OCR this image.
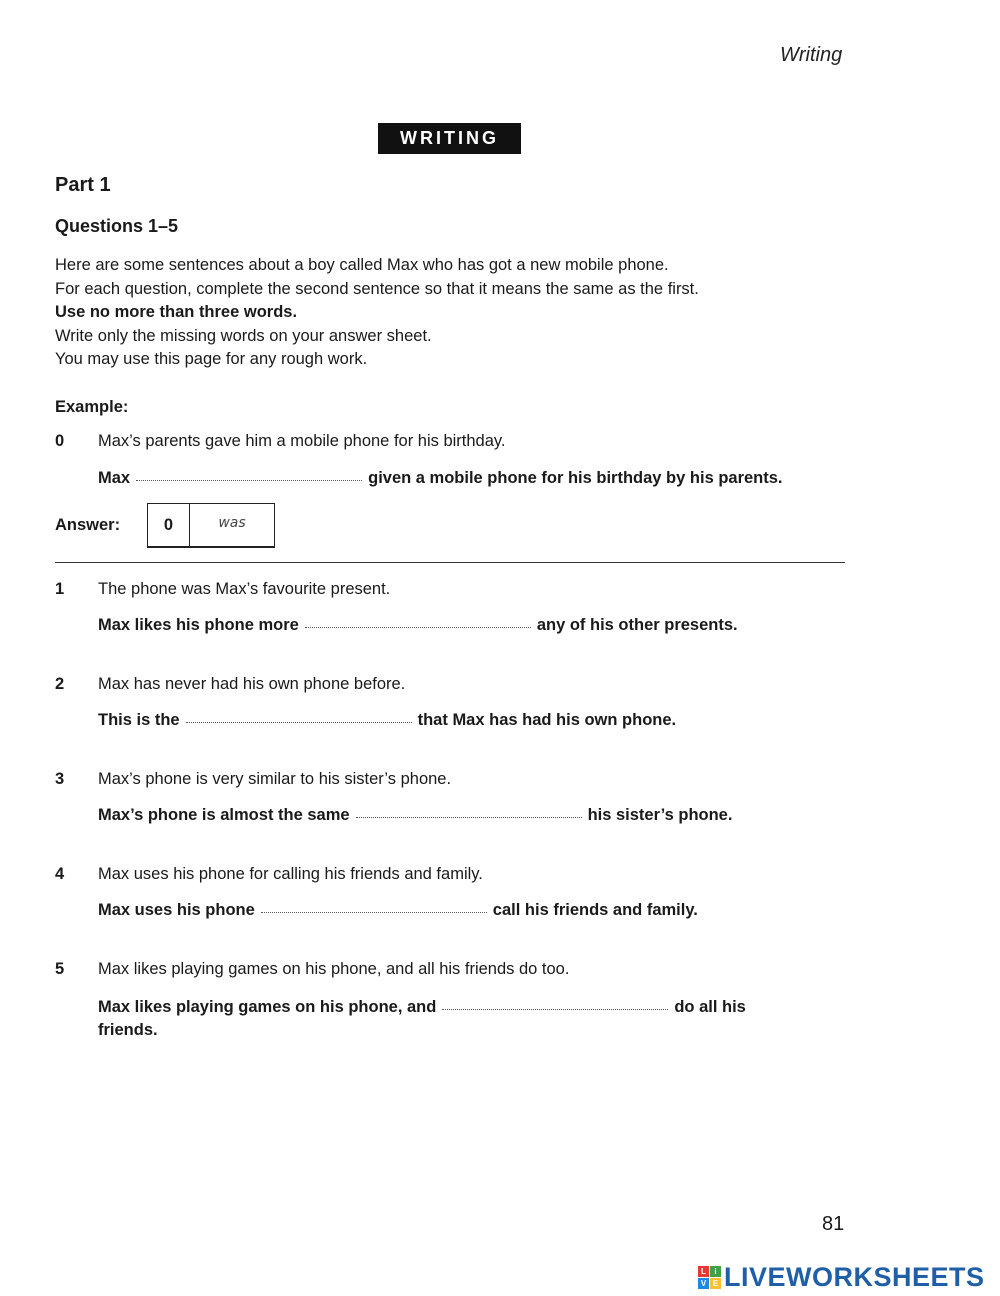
Writing
WRITING
Part 1
Questions 1–5
Here are some sentences about a boy called Max who has got a new mobile phone.
For each question, complete the second sentence so that it means the same as the first.
Use no more than three words.
Write only the missing words on your answer sheet.
You may use this page for any rough work.
Example:
0	Max’s parents gave him a mobile phone for his birthday.
Max	given a mobile phone for his birthday by his parents.
Answer:	0	was
1	The phone was Max’s favourite present.
Max likes his phone more	any of his other presents.
2	Max has never had his own phone before.
This is the	that Max has had his own phone.
3	Max’s phone is very similar to his sister’s phone.
Max’s phone is almost the same	his sister’s phone.
4	Max uses his phone for calling his friends and family.
Max uses his phone	call his friends and family.
5	Max likes playing games on his phone, and all his friends do too.
Max likes playing games on his phone, and	do all his friends.
81
L	i
V E LIVEWORKSHEETS
